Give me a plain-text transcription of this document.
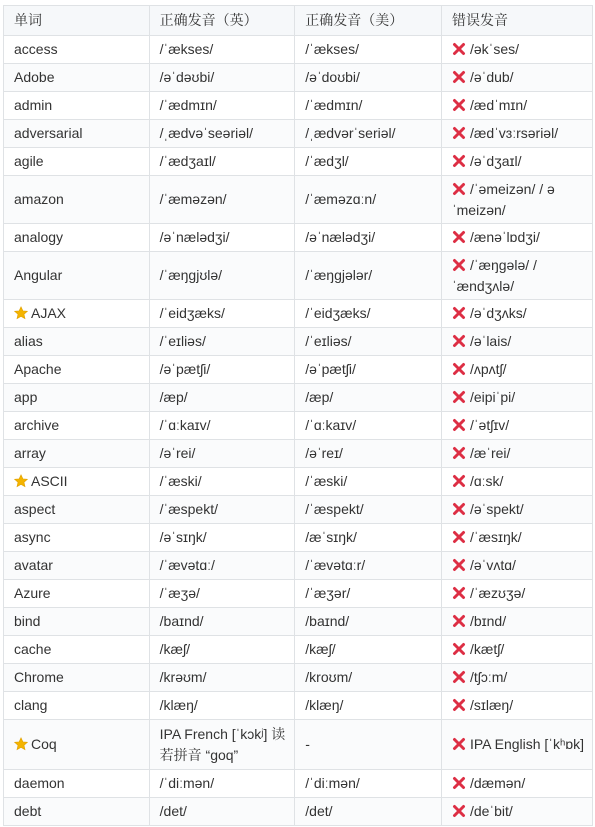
单词	正确发音（英）	正确发音（美）	错误发音
access	/ˈækses/	/ˈækses/	/əkˈses/
Adobe	/əˈdəʊbi/	/əˈdoʊbi/	/əˈdub/
admin	/ˈædmɪn/	/ˈædmɪn/	/ædˈmɪn/
adversarial	/ˌædvəˈseəriəl/	/ˌædvərˈseriəl/	/ædˈvɜːrsəriəl/
agile	/ˈædʒaɪl/	/ˈædʒl/	/əˈdʒaɪl/
amazon	/ˈæməzən/	/ˈæməzɑːn/	/ˈəmeizən/ / əˈmeizən/
analogy	/əˈnælədʒi/	/əˈnælədʒi/	/ænəˈlɒdʒi/
Angular	/ˈæŋɡjʊlə/	/ˈæŋɡjələr/	/ˈæŋɡələ/ /ˈændʒʌlə/
AJAX	/ˈeidʒæks/	/ˈeidʒæks/	/əˈdʒʌks/
alias	/ˈeɪliəs/	/ˈeɪliəs/	/əˈlais/
Apache	/əˈpætʃi/	/əˈpætʃi/	/ʌpʌtʃ/
app	/æp/	/æp/	/eipiˈpi/
archive	/ˈɑːkaɪv/	/ˈɑːkaɪv/	/ˈətʃɪv/
array	/əˈrei/	/əˈreɪ/	/æˈrei/
ASCII	/ˈæski/	/ˈæski/	/ɑːsk/
aspect	/ˈæspekt/	/ˈæspekt/	/əˈspekt/
async	/əˈsɪŋk/	/æˈsɪŋk/	/ˈæsɪŋk/
avatar	/ˈævətɑː/	/ˈævətɑːr/	/əˈvʌtɑ/
Azure	/ˈæʒə/	/ˈæʒər/	/ˈæzʊʒə/
bind	/baɪnd/	/baɪnd/	/bɪnd/
cache	/kæʃ/	/kæʃ/	/kætʃ/
Chrome	/krəʊm/	/kroʊm/	/tʃɔːm/
clang	/klæŋ/	/klæŋ/	/sɪlæŋ/
Coq	IPA French [ˈkɔkʲ] 读若拼音 “goq”	-	IPA English [ˈkʰɒk]
daemon	/ˈdiːmən/	/ˈdiːmən/	/dæmən/
debt	/det/	/det/	/deˈbit/
